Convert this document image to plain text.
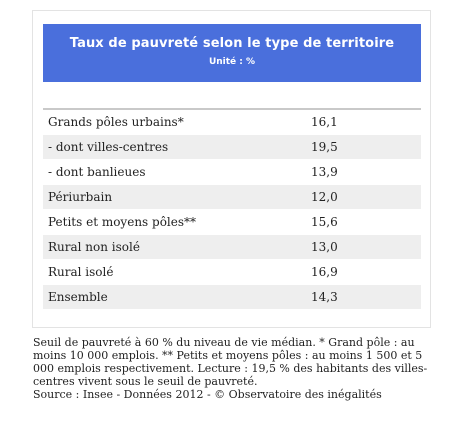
Taux de pauvreté selon le type de territoire
Unité : %
Grands pôles urbains*	16,1
- dont villes-centres	19,5
- dont banlieues	13,9
Périurbain	12,0
Petits et moyens pôles**	15,6
Rural non isolé	13,0
Rural isolé	16,9
Ensemble	14,3

Seuil de pauvreté à 60 % du niveau de vie médian. * Grand pôle : au moins 10 000 emplois. ** Petits et moyens pôles : au moins 1 500 et 5 000 emplois respectivement. Lecture : 19,5 % des habitants des villes-centres vivent sous le seuil de pauvreté.

Source : Insee - Données 2012 - © Observatoire des inégalités
